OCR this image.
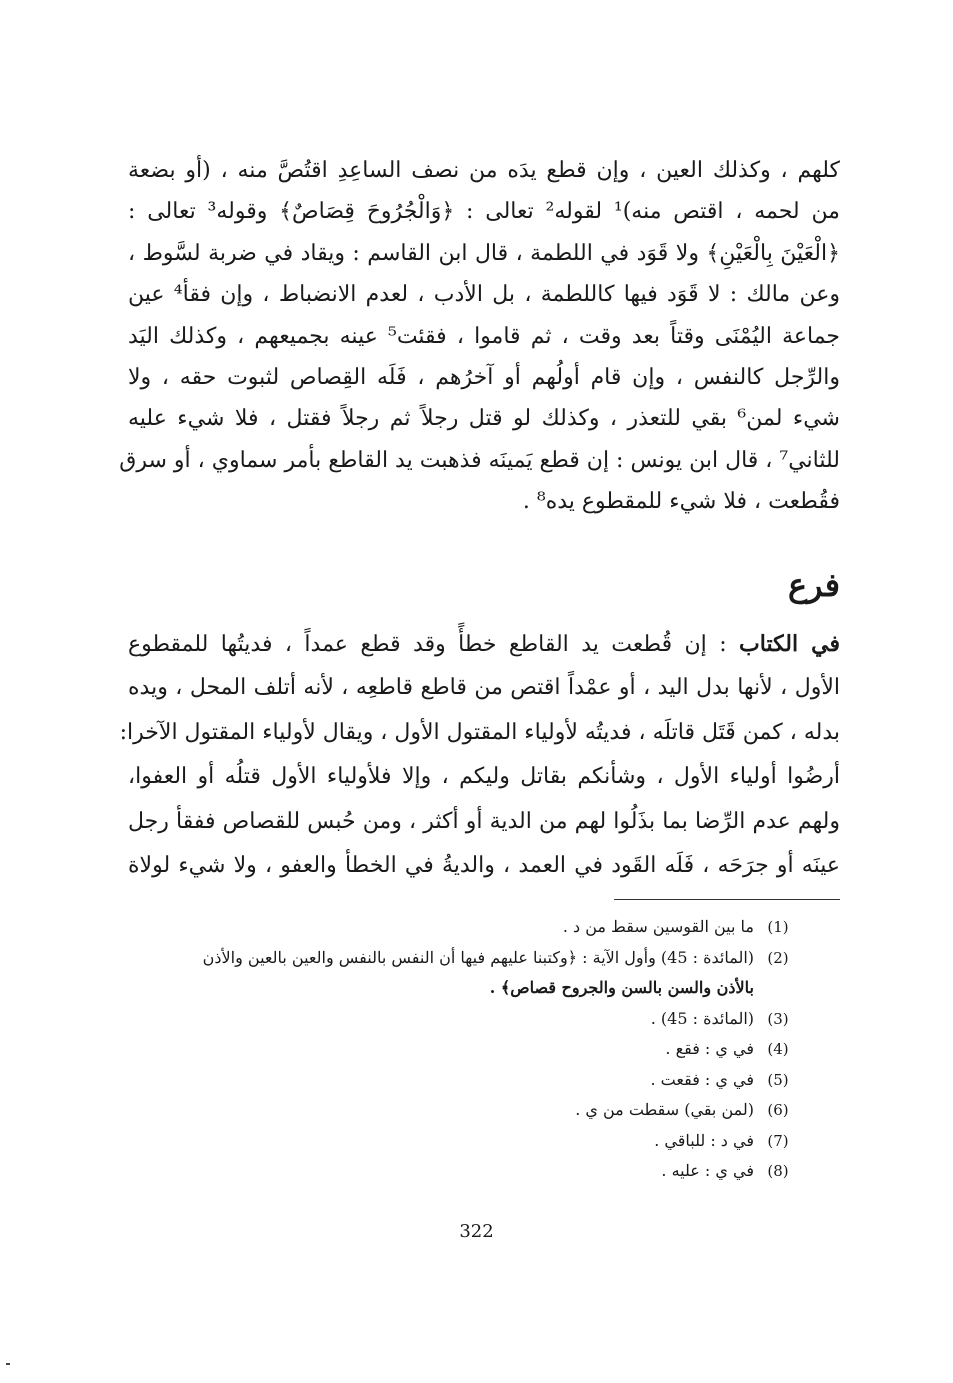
كلهم ، وكذلك العين ، وإن قطع يدَه من نصف الساعِدِ اقتُصَّ منه ، (أو بضعة
من لحمه ، اقتص منه)¹ لقوله² تعالى : ﴿وَالْجُرُوحَ قِصَاصٌ﴾ وقوله³ تعالى :
﴿الْعَيْنَ بِالْعَيْنِ﴾ ولا قَوَد في اللطمة ، قال ابن القاسم : ويقاد في ضربة لسَّوط ،
وعن مالك : لا قَوَد فيها كاللطمة ، بل الأدب ، لعدم الانضباط ، وإن فقأ⁴ عين
جماعة اليُمْنَى وقتاً بعد وقت ، ثم قاموا ، فقئت⁵ عينه بجميعهم ، وكذلك اليَد
والرِّجل كالنفس ، وإن قام أولُهم أو آخرُهم ، فَلَه القِصاص لثبوت حقه ، ولا
شيء لمن⁶ بقي للتعذر ، وكذلك لو قتل رجلاً ثم رجلاً فقتل ، فلا شيء عليه
للثاني⁷ ، قال ابن يونس : إن قطع يَمينَه فذهبت يد القاطع بأمر سماوي ، أو سرق
فقُطعت ، فلا شيء للمقطوع يده⁸ .
فرع
في الكتاب : إن قُطعت يد القاطع خطأً وقد قطع عمداً ، فديتُها للمقطوع
الأول ، لأنها بدل اليد ، أو عمْداً اقتص من قاطع قاطعِه ، لأنه أتلف المحل ، ويده
بدله ، كمن قَتَل قاتلَه ، فديتُه لأولياء المقتول الأول ، ويقال لأولياء المقتول الآخرا:
أرضُوا أولياء الأول ، وشأنكم بقاتل وليكم ، وإلا فلأولياء الأول قتلُه أو العفوا،
ولهم عدم الرِّضا بما بذَلُوا لهم من الدية أو أكثر ، ومن حُبس للقصاص ففقأ رجل
عينَه أو جرَحَه ، فَلَه القَود في العمد ، والديةُ في الخطأ والعفو ، ولا شيء لولاة
(1)
ما بين القوسين سقط من د .
(2)
(المائدة : 45) وأول الآية : ﴿وكتبنا عليهم فيها أن النفس بالنفس والعين بالعين والأذن
بالأذن والسن بالسن والجروح قصاص﴾ .
(3)
(المائدة : 45) .
(4)
في ي : فقع .
(5)
في ي : فقعت .
(6)
(لمن بقي) سقطت من ي .
(7)
في د : للباقي .
(8)
في ي : عليه .
322
